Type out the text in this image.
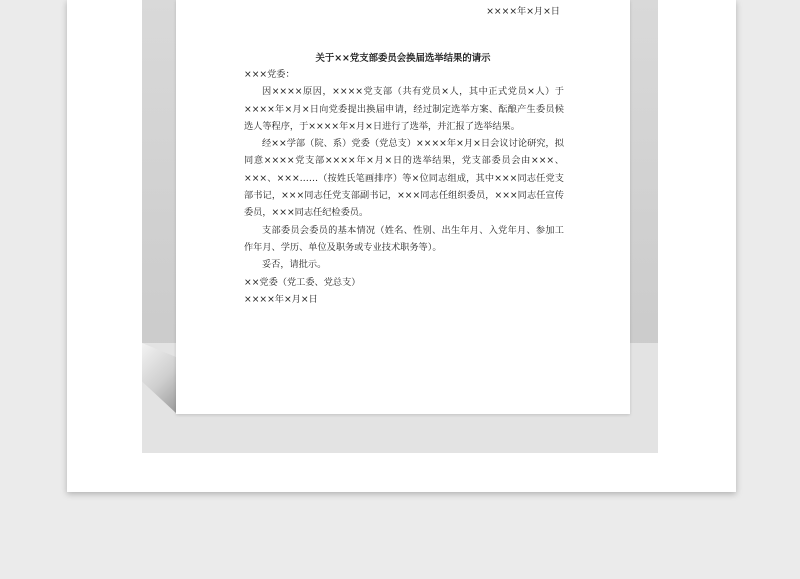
××××年×月×日
关于××党支部委员会换届选举结果的请示

×××党委：

因××××原因，××××党支部（共有党员×人，其中正式党员×人）于××××年×月×日向党委提出换届申请，经过制定选举方案、酝酿产生委员候选人等程序，于××××年×月×日进行了选举，并汇报了选举结果。

经××学部（院、系）党委（党总支）××××年×月×日会议讨论研究，拟同意××××党支部××××年×月×日的选举结果，党支部委员会由×××、×××、×××……（按姓氏笔画排序）等×位同志组成，其中×××同志任党支部书记，×××同志任党支部副书记，×××同志任组织委员，×××同志任宣传委员，×××同志任纪检委员。

支部委员会委员的基本情况（姓名、性别、出生年月、入党年月、参加工作年月、学历、单位及职务或专业技术职务等）。

妥否，请批示。

××党委（党工委、党总支）

××××年×月×日
